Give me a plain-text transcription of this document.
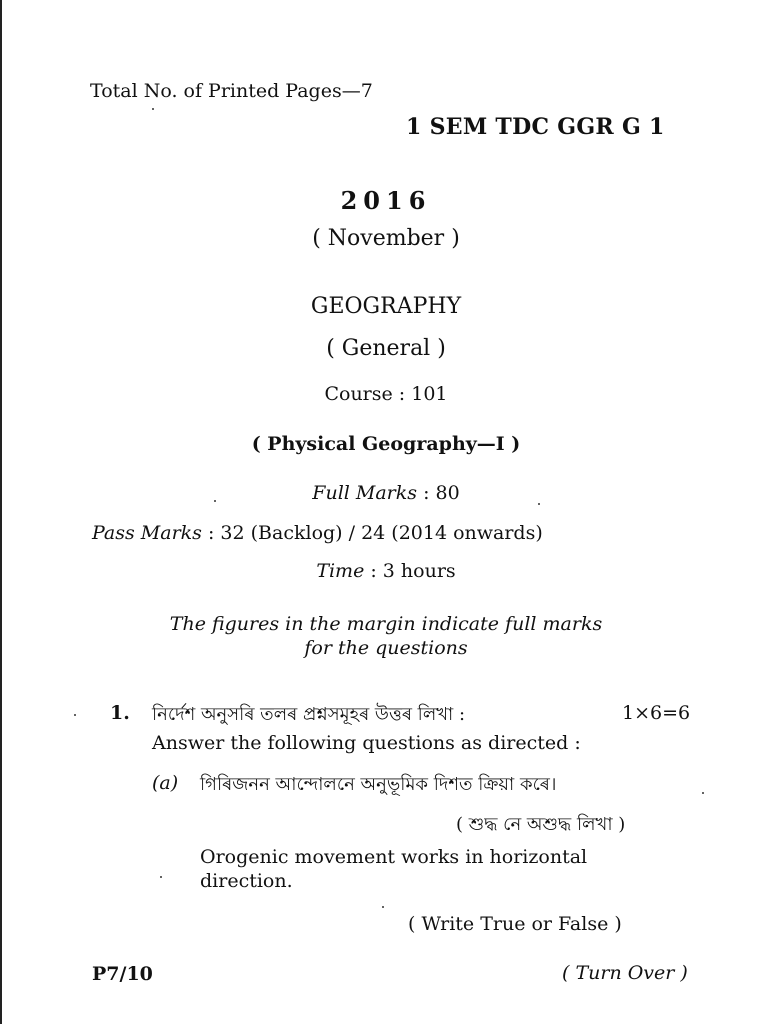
Total No. of Printed Pages—7
1 SEM TDC GGR G 1
2016
( November )
GEOGRAPHY
( General )
Course : 101
( Physical Geography—I )
Full Marks : 80
Pass Marks : 32 (Backlog) / 24 (2014 onwards)
Time : 3 hours
The figures in the margin indicate full marks
for the questions
1. নিৰ্দেশ অনুসৰি তলৰ প্ৰশ্নসমূহৰ উত্তৰ লিখা :	1×6=6
Answer the following questions as directed :
(a) গিৰিজনন আন্দোলনে অনুভূমিক দিশত ক্ৰিয়া কৰে।
( শুদ্ধ নে অশুদ্ধ লিখা )
Orogenic movement works in horizontal direction.
( Write True or False )
P7/10	( Turn Over )
